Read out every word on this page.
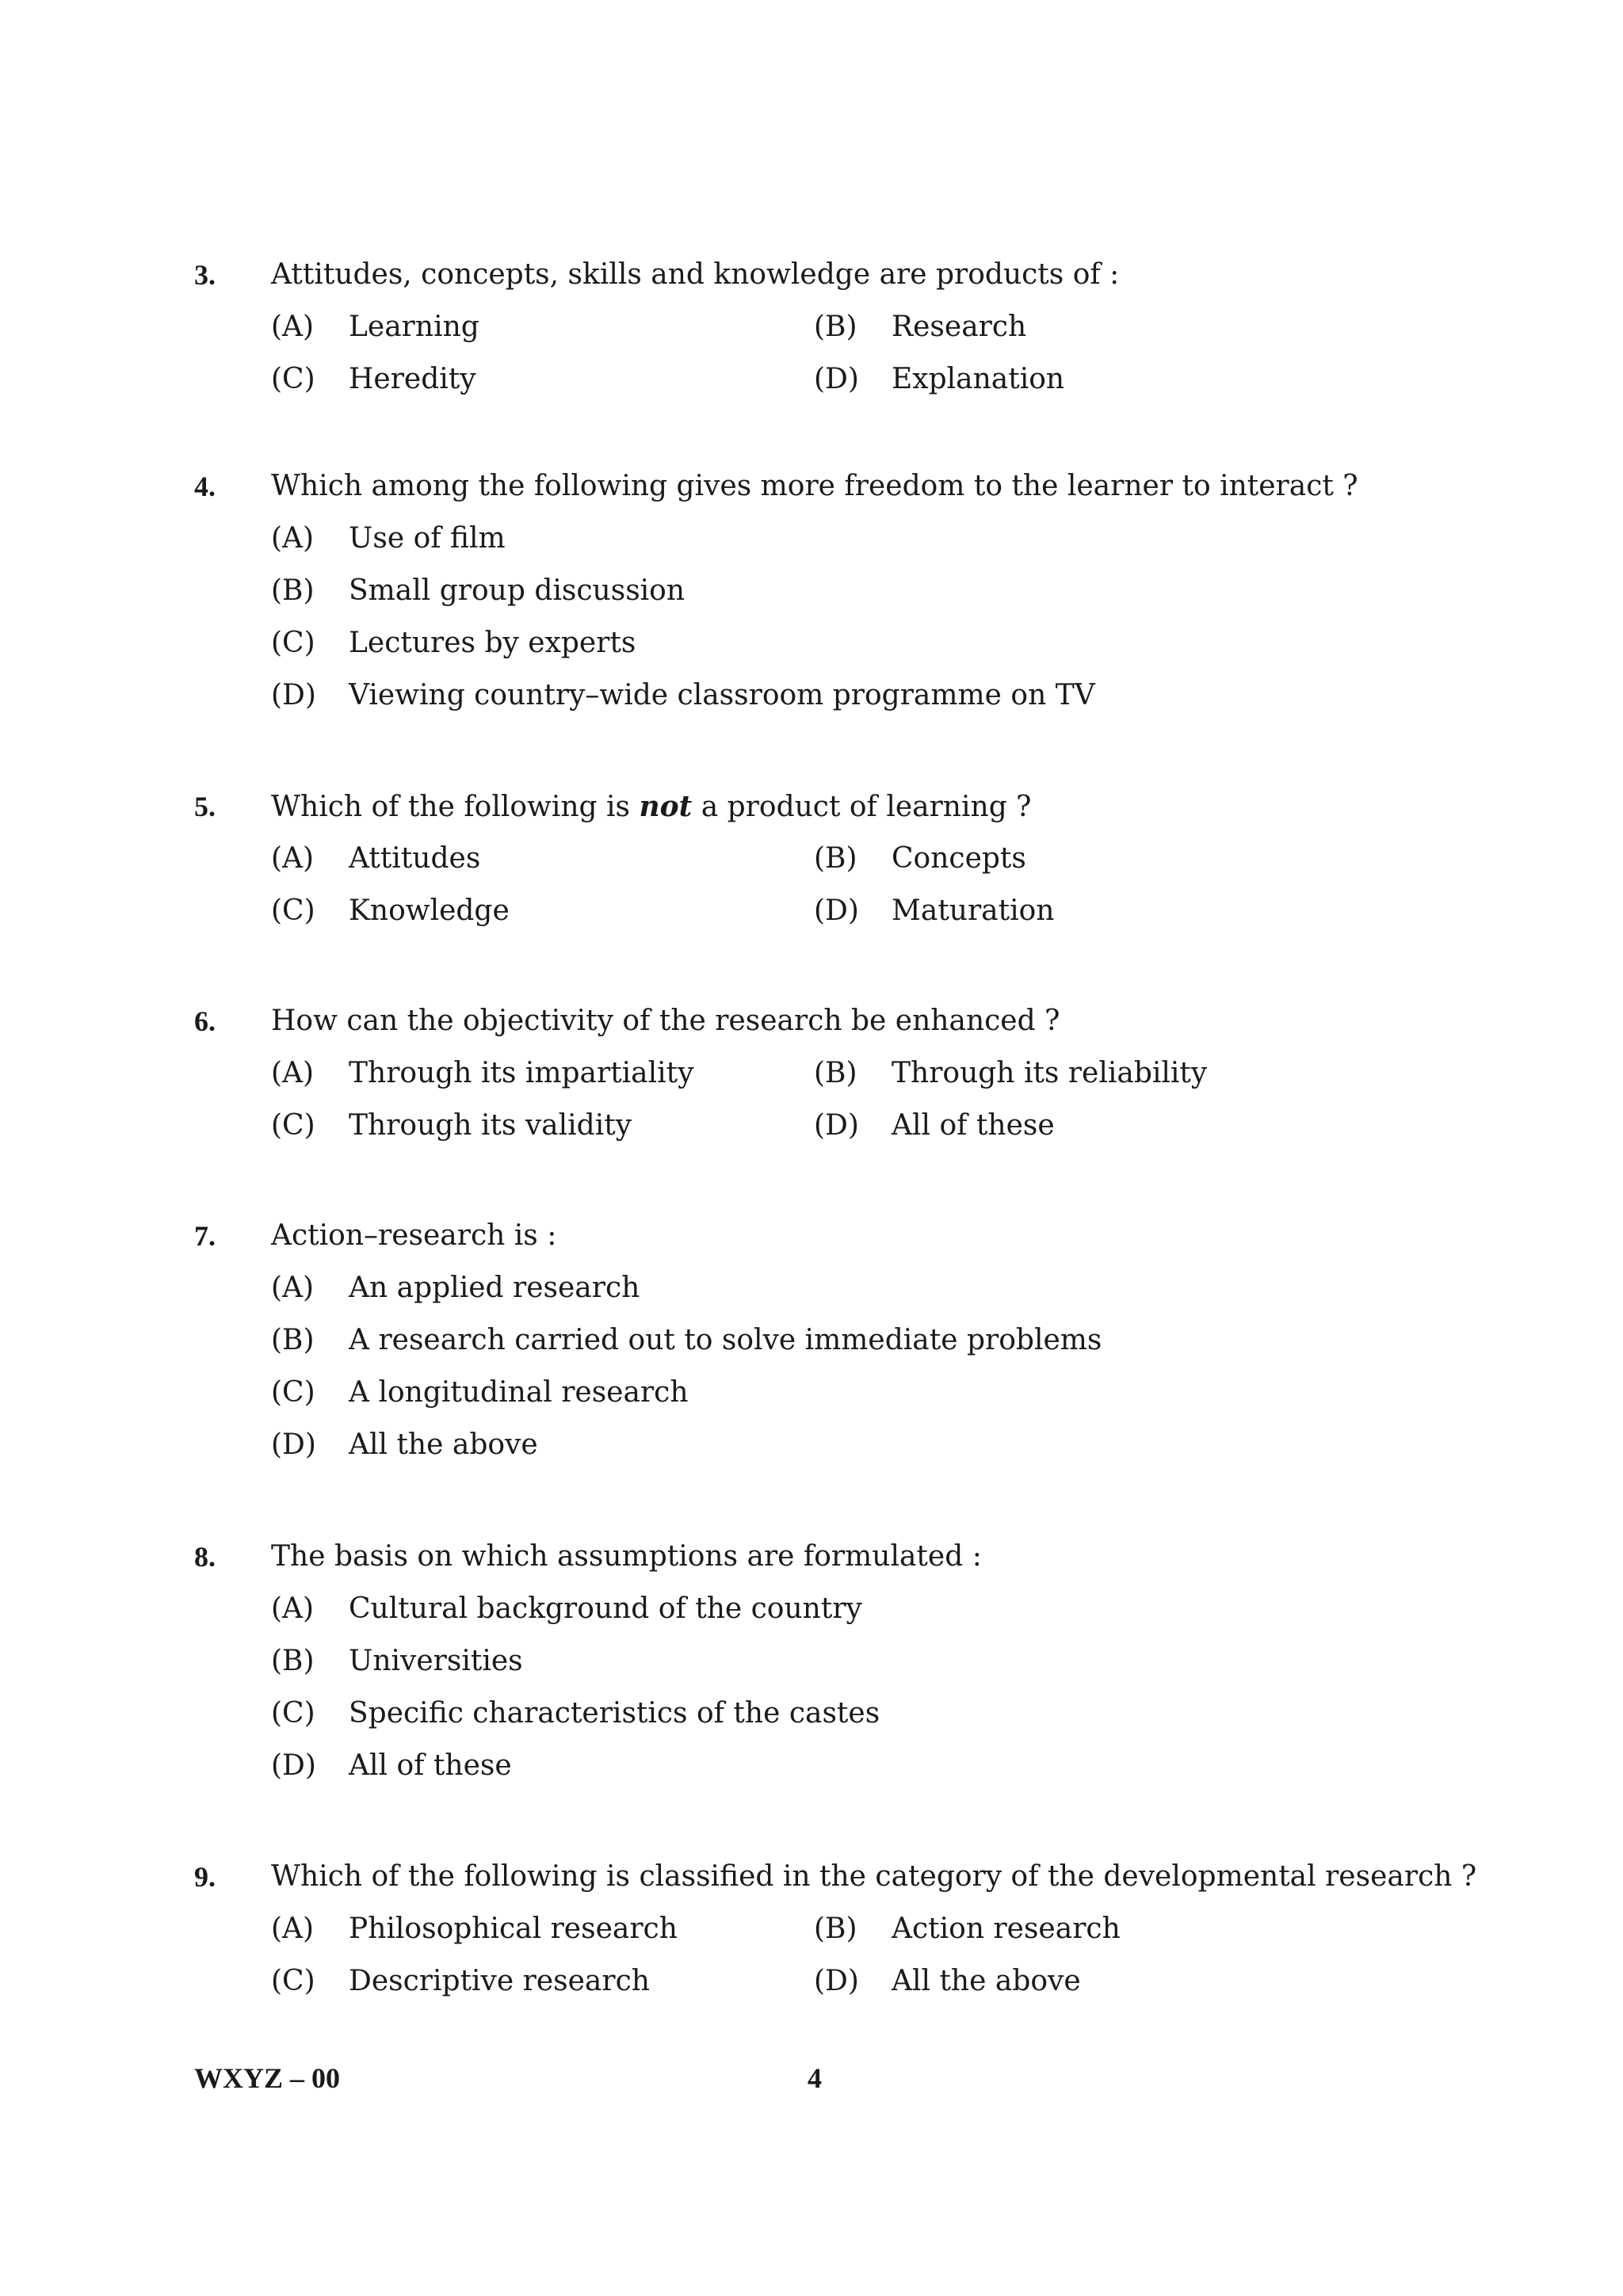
3. Attitudes, concepts, skills and knowledge are products of :
(A) Learning	(B) Research
(C) Heredity	(D) Explanation
4. Which among the following gives more freedom to the learner to interact ?
(A) Use of film
(B) Small group discussion
(C) Lectures by experts
(D) Viewing country–wide classroom programme on TV
5. Which of the following is not a product of learning ?
(A) Attitudes	(B) Concepts
(C) Knowledge	(D) Maturation
6. How can the objectivity of the research be enhanced ?
(A) Through its impartiality	(B) Through its reliability
(C) Through its validity	(D) All of these
7. Action–research is :
(A) An applied research
(B) A research carried out to solve immediate problems
(C) A longitudinal research
(D) All the above
8. The basis on which assumptions are formulated :
(A) Cultural background of the country
(B) Universities
(C) Specific characteristics of the castes
(D) All of these
9. Which of the following is classified in the category of the developmental research ?
(A) Philosophical research	(B) Action research
(C) Descriptive research	(D) All the above
WXYZ – 00	4
